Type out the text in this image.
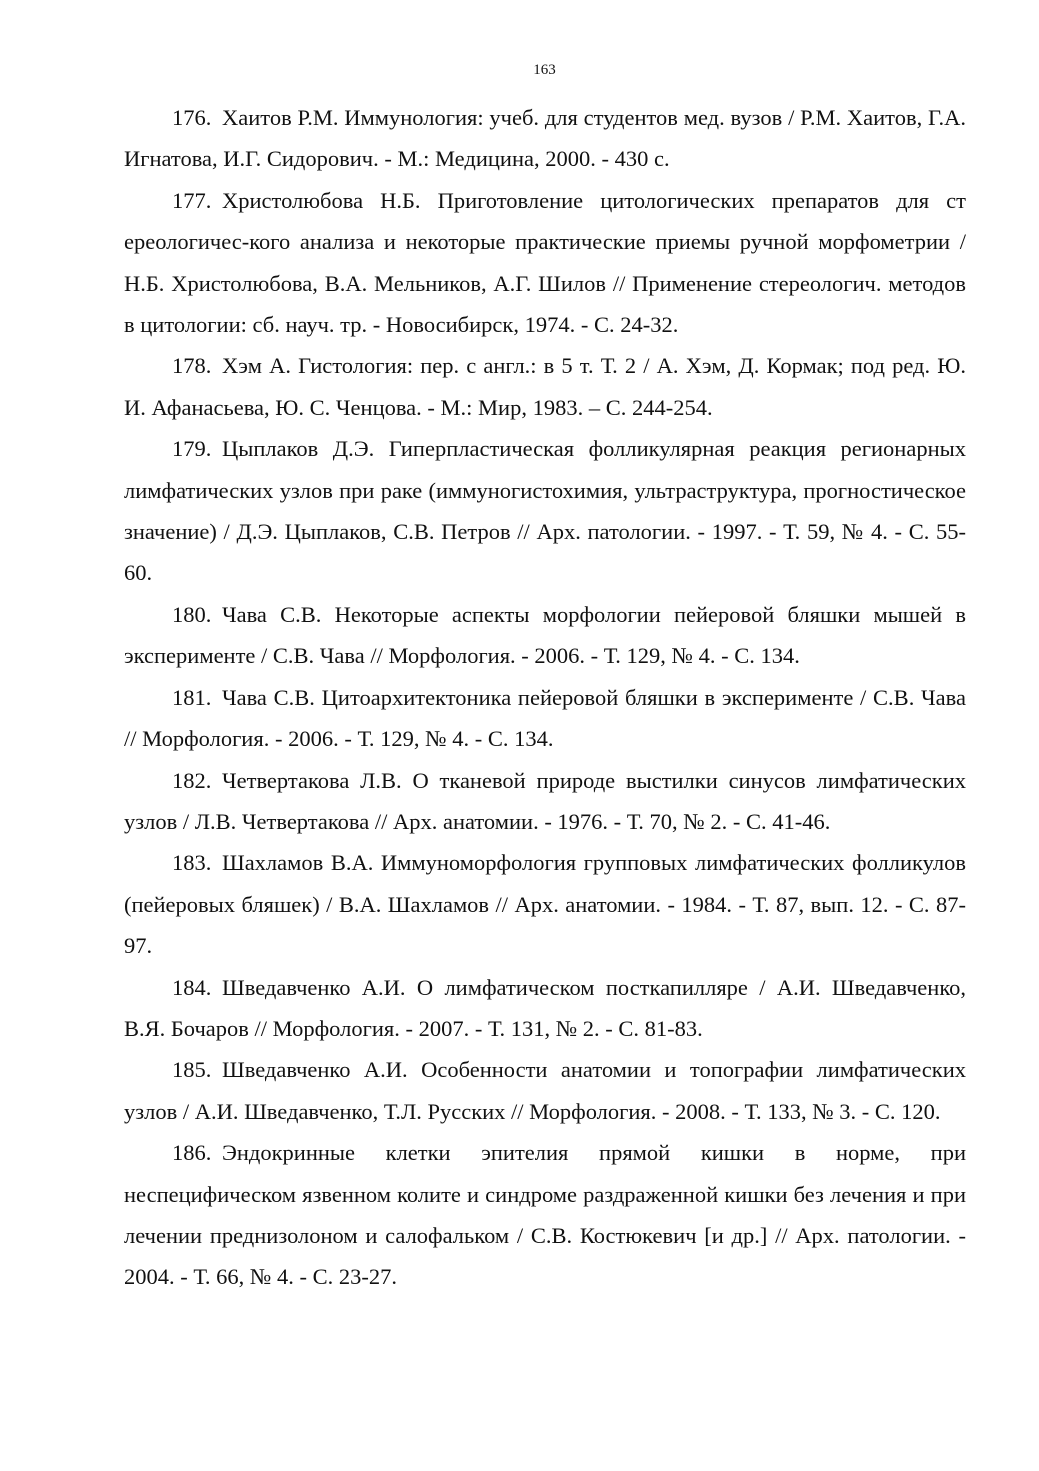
163

176. Хаитов Р.М. Иммунология: учеб. для студентов мед. вузов / Р.М. Хаитов, Г.А. Игнатова, И.Г. Сидорович. - М.: Медицина, 2000. - 430 с.

177. Христолюбова Н.Б. Приготовление цитологических препаратов для ст ереологичес-кого анализа и некоторые практические приемы ручной морфометрии / Н.Б. Христолюбова, В.А. Мельников, А.Г. Шилов // Применение стереологич. методов в цитологии: сб. науч. тр. - Новосибирск, 1974. - С. 24-32.

178. Хэм А. Гистология: пер. с англ.: в 5 т. Т. 2 / А. Хэм, Д. Кормак; под ред. Ю. И. Афанасьева, Ю. С. Ченцова. - М.: Мир, 1983. – С. 244-254.

179. Цыплаков Д.Э. Гиперпластическая фолликулярная реакция регионарных лимфатических узлов при раке (иммуногистохимия, ультраструктура, прогностическое значение) / Д.Э. Цыплаков, С.В. Петров // Арх. патологии. - 1997. - Т. 59, № 4. - С. 55-60.

180. Чава С.В. Некоторые аспекты морфологии пейеровой бляшки мышей в эксперименте / С.В. Чава // Морфология. - 2006. - Т. 129, № 4. - С. 134.

181. Чава С.В. Цитоархитектоника пейеровой бляшки в эксперименте / С.В. Чава // Морфология. - 2006. - Т. 129, № 4. - С. 134.

182. Четвертакова Л.В. О тканевой природе выстилки синусов лимфатических узлов / Л.В. Четвертакова // Арх. анатомии. - 1976. - Т. 70, № 2. - С. 41-46.

183. Шахламов В.А. Иммуноморфология групповых лимфатических фолликулов (пейеровых бляшек) / В.А. Шахламов // Арх. анатомии. - 1984. - Т. 87, вып. 12. - С. 87-97.

184. Шведавченко А.И. О лимфатическом посткапилляре / А.И. Шведавченко, В.Я. Бочаров // Морфология. - 2007. - Т. 131, № 2. - С. 81-83.

185. Шведавченко А.И. Особенности анатомии и топографии лимфатических узлов / А.И. Шведавченко, Т.Л. Русских // Морфология. - 2008. - Т. 133, № 3. - С. 120.

186. Эндокринные клетки эпителия прямой кишки в норме, при неспецифическом язвенном колите и синдроме раздраженной кишки без лечения и при лечении преднизолоном и салофальком / С.В. Костюкевич [и др.] // Арх. патологии. - 2004. - Т. 66, № 4. - С. 23-27.
